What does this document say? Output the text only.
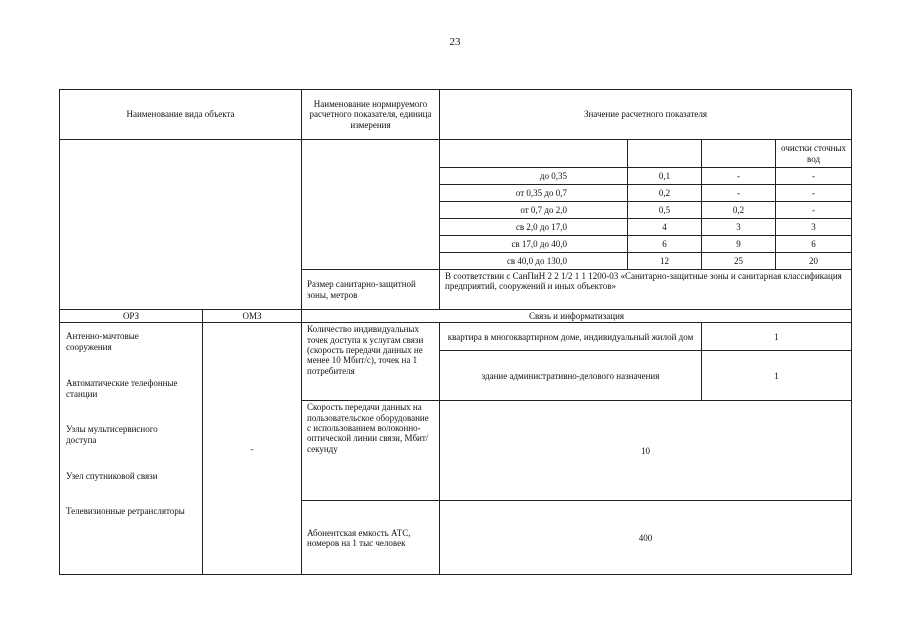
23
Наименование вида объекта		Наименование нормируемого расчетного показателя, единица измерения	Значение расчетного показателя			
						очистки сточных вод
			до 0,35	0,1	-	-
			от 0,35 до 0,7	0,2	-	-
			от 0,7 до 2,0	0,5	0,2	-
			св 2,0 до 17,0	4	3	3
			св 17,0 до 40,0	6	9	6
			св 40,0 до 130,0	12	25	20
		Размер санитарно-защитной зоны, метров	В соответствии с СанПиН 2 2 1/2 1 1 1200-03 «Санитарно-защитные зоны и санитарная классификация предприятий, сооружений и иных объектов»			
ОРЗ	ОМЗ	Связь и информатизация				

Антенно-мачтовые сооружения
Автоматические телефонные станции
Узлы мультисервисного доступа
Узел спутниковой связи
Телевизионные ретрансляторы	-	Количество индивидуальных точек доступа к услугам связи (скорость передачи данных не менее 10 Мбит/с), точек на 1 потребителя	квартира в многоквартирном доме, индивидуальный жилой дом		1	
			здание административно-делового назначения		1	
		Скорость передачи данных на пользовательское оборудование с использованием волоконно-оптической линии связи, Мбит/секунду	10			
		Абонентская емкость АТС, номеров на 1 тыс человек	400			
